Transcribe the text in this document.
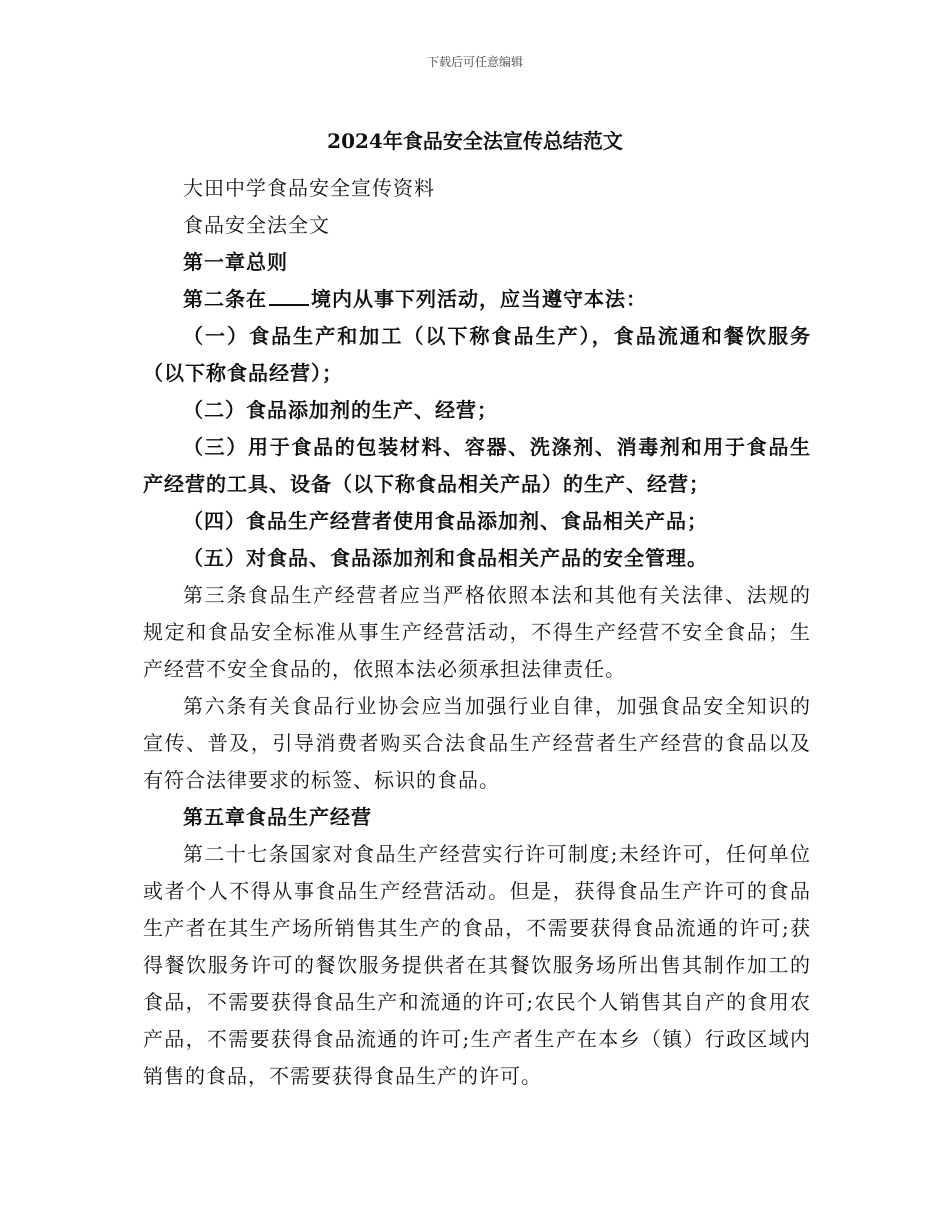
下载后可任意编辑
2024年食品安全法宣传总结范文

大田中学食品安全宣传资料

食品安全法全文

第一章总则

第二条在 境内从事下列活动，应当遵守本法：

（一）食品生产和加工（以下称食品生产），食品流通和餐饮服务（以下称食品经营）；

（二）食品添加剂的生产、经营；

（三）用于食品的包装材料、容器、洗涤剂、消毒剂和用于食品生产经营的工具、设备（以下称食品相关产品）的生产、经营；

（四）食品生产经营者使用食品添加剂、食品相关产品；

（五）对食品、食品添加剂和食品相关产品的安全管理。

第三条食品生产经营者应当严格依照本法和其他有关法律、法规的规定和食品安全标准从事生产经营活动，不得生产经营不安全食品；生产经营不安全食品的，依照本法必须承担法律责任。

第六条有关食品行业协会应当加强行业自律，加强食品安全知识的宣传、普及，引导消费者购买合法食品生产经营者生产经营的食品以及有符合法律要求的标签、标识的食品。

第五章食品生产经营

第二十七条国家对食品生产经营实行许可制度;未经许可，任何单位或者个人不得从事食品生产经营活动。但是，获得食品生产许可的食品生产者在其生产场所销售其生产的食品，不需要获得食品流通的许可;获得餐饮服务许可的餐饮服务提供者在其餐饮服务场所出售其制作加工的食品，不需要获得食品生产和流通的许可;农民个人销售其自产的食用农产品，不需要获得食品流通的许可;生产者生产在本乡（镇）行政区域内销售的食品，不需要获得食品生产的许可。
